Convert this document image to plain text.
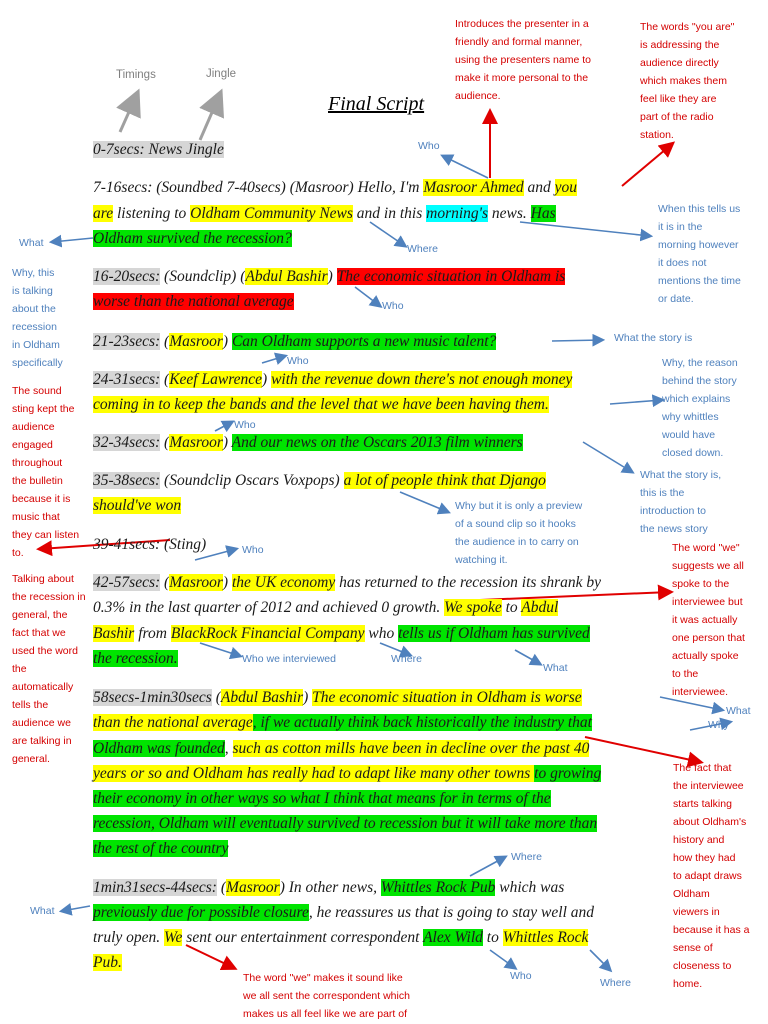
Timings	Jingle
Final Script
0-7secs: News Jingle
7-16secs: (Soundbed 7-40secs) (Masroor) Hello, I'm Masroor Ahmed and you
are listening to Oldham Community News and in this morning's news. Has
Oldham survived the recession?
16-20secs: (Soundclip) (Abdul Bashir) The economic situation in Oldham is
worse than the national average
21-23secs: (Masroor) Can Oldham supports a new music talent?
24-31secs: (Keef Lawrence) with the revenue down there's not enough money
coming in to keep the bands and the level that we have been having them.
32-34secs: (Masroor) And our news on the Oscars 2013 film winners
35-38secs: (Soundclip Oscars Voxpops) a lot of people think that Django
should've won
39-41secs: (Sting)
42-57secs: (Masroor) the UK economy has returned to the recession its shrank by
0.3% in the last quarter of 2012 and achieved 0 growth. We spoke to Abdul
Bashir from BlackRock Financial Company who tells us if Oldham has survived
the recession.
58secs-1min30secs (Abdul Bashir) The economic situation in Oldham is worse
than the national average, if we actually think back historically the industry that
Oldham was founded, such as cotton mills have been in decline over the past 40
years or so and Oldham has really had to adapt like many other towns to growing
their economy in other ways so what I think that means for in terms of the
recession, Oldham will eventually survived to recession but it will take more than
the rest of the country
1min31secs-44secs: (Masroor) In other news, Whittles Rock Pub which was
previously due for possible closure, he reassures us that is going to stay well and
truly open. We sent our entertainment correspondent Alex Wild to Whittles Rock
Pub.
Introduces the presenter in a
friendly and formal manner,
using the presenters name to
make it more personal to the
audience.
The words "you are"
is addressing the
audience directly
which makes them
feel like they are
part of the radio
station.
When this tells us
it is in the
morning however
it does not
mentions the time
or date.
Why, this
is talking
about the
recession
in Oldham
specifically
The sound
sting kept the
audience
engaged
throughout
the bulletin
because it is
music that
they can listen
to.
Why, the reason
behind the story
which explains
why whittles
would have
closed down.
What the story is,
this is the
introduction to
the news story
Why but it is only a preview
of a sound clip so it hooks
the audience in to carry on
watching it.
The word "we"
suggests we all
spoke to the
interviewee but
it was actually
one person that
actually spoke
to the
interviewee.
Talking about
the recession in
general, the
fact that we
used the word
the
automatically
tells the
audience we
are talking in
general.
The fact that
the interviewee
starts talking
about Oldham's
history and
how they had
to adapt draws
Oldham
viewers in
because it has a
sense of
closeness to
home.
The word "we" makes it sound like
we all sent the correspondent which
makes us all feel like we are part of
Who
What	Where
Who
What the story is
Who
Who
Who
Who we interviewed	Where
What
What
Why
Where
What
Who
Where
